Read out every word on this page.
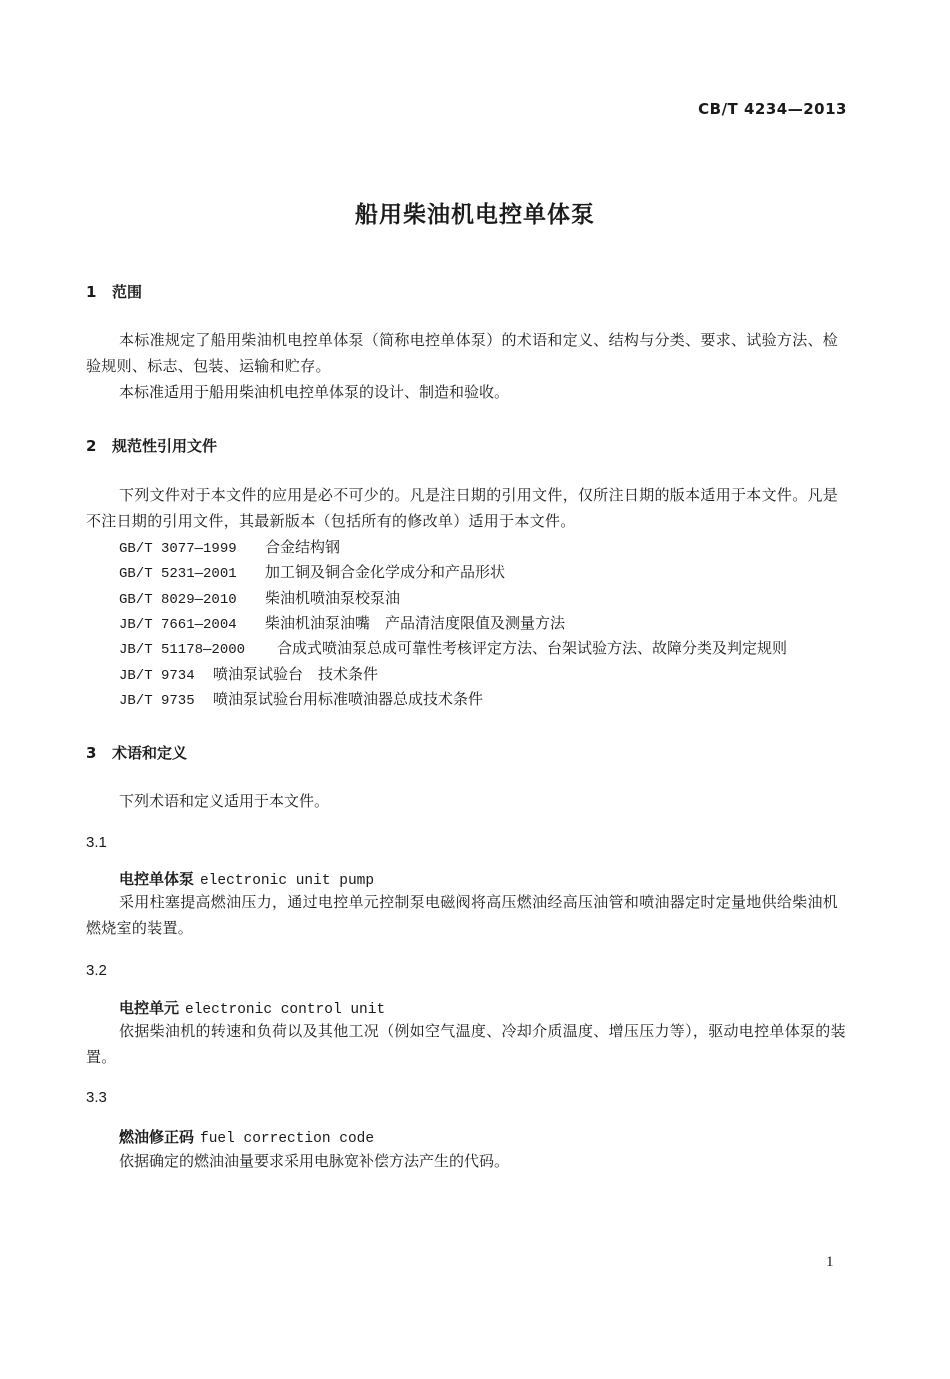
CB/T 4234—2013
船用柴油机电控单体泵
1 范围
本标准规定了船用柴油机电控单体泵（简称电控单体泵）的术语和定义、结构与分类、要求、试验方法、检验规则、标志、包装、运输和贮存。
本标准适用于船用柴油机电控单体泵的设计、制造和验收。
2 规范性引用文件
下列文件对于本文件的应用是必不可少的。凡是注日期的引用文件，仅所注日期的版本适用于本文件。凡是不注日期的引用文件，其最新版本（包括所有的修改单）适用于本文件。
GB/T 3077—1999 合金结构钢
GB/T 5231—2001 加工铜及铜合金化学成分和产品形状
GB/T 8029—2010 柴油机喷油泵校泵油
JB/T 7661—2004 柴油机油泵油嘴　产品清洁度限值及测量方法
JB/T 51178—2000 合成式喷油泵总成可靠性考核评定方法、台架试验方法、故障分类及判定规则
JB/T 9734 喷油泵试验台　技术条件
JB/T 9735 喷油泵试验台用标准喷油器总成技术条件
3 术语和定义
下列术语和定义适用于本文件。
3.1
电控单体泵 electronic unit pump
采用柱塞提高燃油压力，通过电控单元控制泵电磁阀将高压燃油经高压油管和喷油器定时定量地供给柴油机燃烧室的装置。
3.2
电控单元 electronic control unit
依据柴油机的转速和负荷以及其他工况（例如空气温度、冷却介质温度、增压压力等），驱动电控单体泵的装置。
3.3
燃油修正码 fuel correction code
依据确定的燃油油量要求采用电脉宽补偿方法产生的代码。
1
